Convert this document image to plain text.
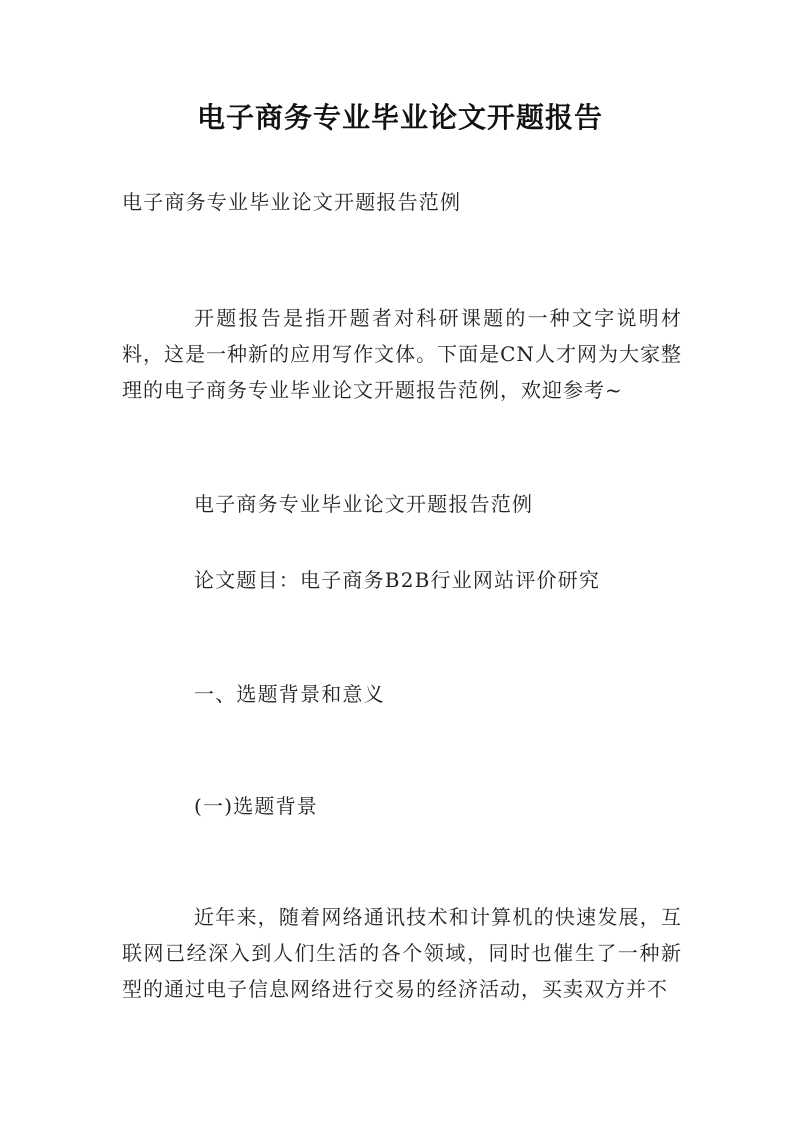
电子商务专业毕业论文开题报告
电子商务专业毕业论文开题报告范例
开题报告是指开题者对科研课题的一种文字说明材料，这是一种新的应用写作文体。下面是CN人才网为大家整理的电子商务专业毕业论文开题报告范例，欢迎参考~
电子商务专业毕业论文开题报告范例
论文题目：电子商务B2B行业网站评价研究
一、选题背景和意义
(一)选题背景
近年来，随着网络通讯技术和计算机的快速发展，互联网已经深入到人们生活的各个领域，同时也催生了一种新型的通过电子信息网络进行交易的经济活动，买卖双方并不
